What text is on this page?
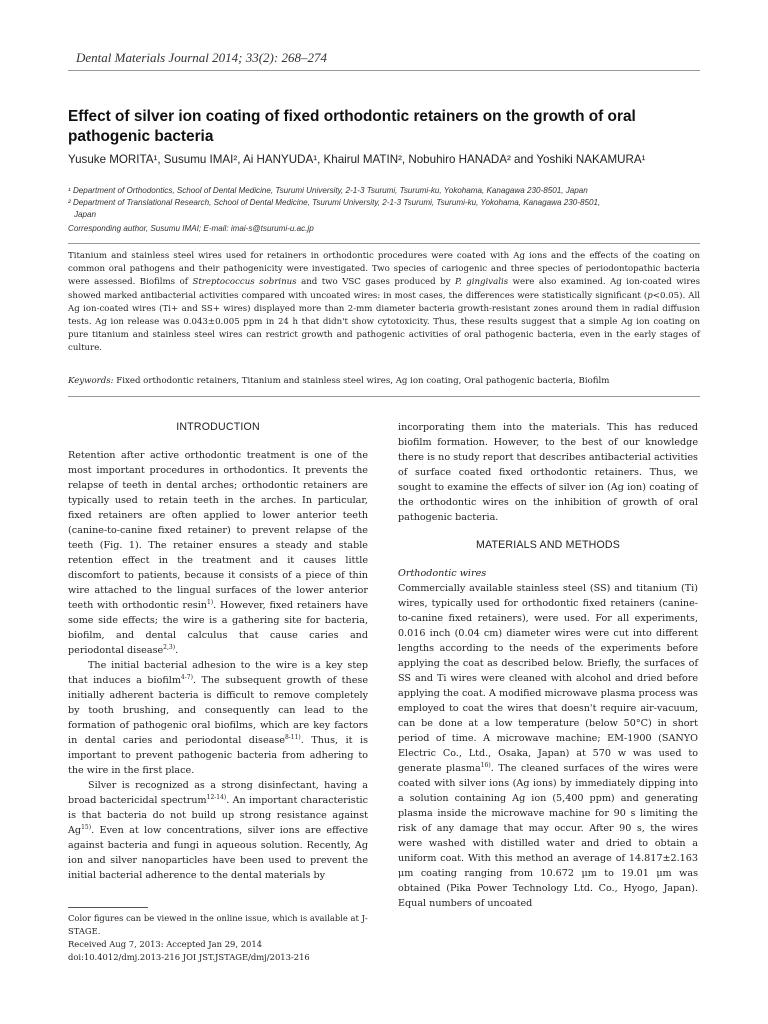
Dental Materials Journal 2014; 33(2): 268–274
Effect of silver ion coating of fixed orthodontic retainers on the growth of oral pathogenic bacteria
Yusuke MORITA¹, Susumu IMAI², Ai HANYUDA¹, Khairul MATIN², Nobuhiro HANADA² and Yoshiki NAKAMURA¹
¹ Department of Orthodontics, School of Dental Medicine, Tsurumi University, 2-1-3 Tsurumi, Tsurumi-ku, Yokohama, Kanagawa 230-8501, Japan
² Department of Translational Research, School of Dental Medicine, Tsurumi University, 2-1-3 Tsurumi, Tsurumi-ku, Yokohama, Kanagawa 230-8501,
Japan
Corresponding author, Susumu IMAI; E-mail: imai-s@tsurumi-u.ac.jp
Titanium and stainless steel wires used for retainers in orthodontic procedures were coated with Ag ions and the effects of the coating on common oral pathogens and their pathogenicity were investigated. Two species of cariogenic and three species of periodontopathic bacteria were assessed. Biofilms of Streptococcus sobrinus and two VSC gases produced by P. gingivalis were also examined. Ag ion-coated wires showed marked antibacterial activities compared with uncoated wires: in most cases, the differences were statistically significant (p<0.05). All Ag ion-coated wires (Ti+ and SS+ wires) displayed more than 2-mm diameter bacteria growth-resistant zones around them in radial diffusion tests. Ag ion release was 0.043±0.005 ppm in 24 h that didn't show cytotoxicity. Thus, these results suggest that a simple Ag ion coating on pure titanium and stainless steel wires can restrict growth and pathogenic activities of oral pathogenic bacteria, even in the early stages of culture.
Keywords: Fixed orthodontic retainers, Titanium and stainless steel wires, Ag ion coating, Oral pathogenic bacteria, Biofilm
INTRODUCTION

Retention after active orthodontic treatment is one of the most important procedures in orthodontics. It prevents the relapse of teeth in dental arches; orthodontic retainers are typically used to retain teeth in the arches. In particular, fixed retainers are often applied to lower anterior teeth (canine-to-canine fixed retainer) to prevent relapse of the teeth (Fig. 1). The retainer ensures a steady and stable retention effect in the treatment and it causes little discomfort to patients, because it consists of a piece of thin wire attached to the lingual surfaces of the lower anterior teeth with orthodontic resin$^{1)}$. However, fixed retainers have some side effects; the wire is a gathering site for bacteria, biofilm, and dental calculus that cause caries and periodontal disease$^{2,3)}$.

The initial bacterial adhesion to the wire is a key step that induces a biofilm$^{4-7)}$. The subsequent growth of these initially adherent bacteria is difficult to remove completely by tooth brushing, and consequently can lead to the formation of pathogenic oral biofilms, which are key factors in dental caries and periodontal disease$^{8-11)}$. Thus, it is important to prevent pathogenic bacteria from adhering to the wire in the first place.

Silver is recognized as a strong disinfectant, having a broad bactericidal spectrum$^{12-14)}$. An important characteristic is that bacteria do not build up strong resistance against Ag$^{15)}$. Even at low concentrations, silver ions are effective against bacteria and fungi in aqueous solution. Recently, Ag ion and silver nanoparticles have been used to prevent the initial bacterial adherence to the dental materials by

incorporating them into the materials. This has reduced biofilm formation. However, to the best of our knowledge there is no study report that describes antibacterial activities of surface coated fixed orthodontic retainers. Thus, we sought to examine the effects of silver ion (Ag ion) coating of the orthodontic wires on the inhibition of growth of oral pathogenic bacteria.

MATERIALS AND METHODS

Orthodontic wires

Commercially available stainless steel (SS) and titanium (Ti) wires, typically used for orthodontic fixed retainers (canine-to-canine fixed retainers), were used. For all experiments, 0.016 inch (0.04 cm) diameter wires were cut into different lengths according to the needs of the experiments before applying the coat as described below. Briefly, the surfaces of SS and Ti wires were cleaned with alcohol and dried before applying the coat. A modified microwave plasma process was employed to coat the wires that doesn't require air-vacuum, can be done at a low temperature (below 50°C) in short period of time. A microwave machine; EM-1900 (SANYO Electric Co., Ltd., Osaka, Japan) at 570 w was used to generate plasma$^{16)}$. The cleaned surfaces of the wires were coated with silver ions (Ag ions) by immediately dipping into a solution containing Ag ion (5,400 ppm) and generating plasma inside the microwave machine for 90 s limiting the risk of any damage that may occur. After 90 s, the wires were washed with distilled water and dried to obtain a uniform coat. With this method an average of 14.817±2.163 μm coating ranging from 10.672 μm to 19.01 μm was obtained (Pika Power Technology Ltd. Co., Hyogo, Japan). Equal numbers of uncoated

Color figures can be viewed in the online issue, which is available at J-STAGE.
Received Aug 7, 2013: Accepted Jan 29, 2014
doi:10.4012/dmj.2013-216 JOI JST.JSTAGE/dmj/2013-216
